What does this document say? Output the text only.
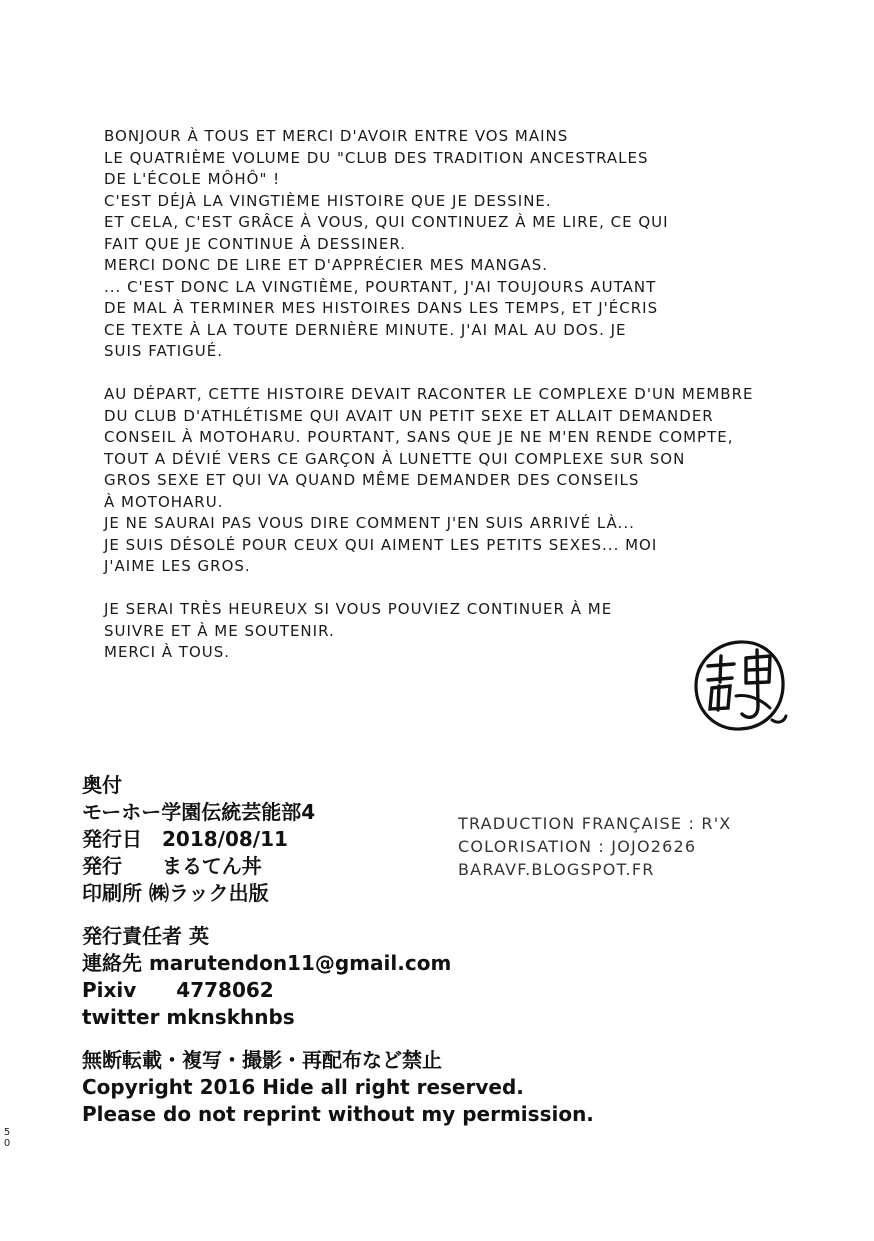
BONJOUR À TOUS ET MERCI D'AVOIR ENTRE VOS MAINS
LE QUATRIÈME VOLUME DU "CLUB DES TRADITION ANCESTRALES
DE L'ÉCOLE MÔHÔ" !
C'EST DÉJÀ LA VINGTIÈME HISTOIRE QUE JE DESSINE.
ET CELA, C'EST GRÂCE À VOUS, QUI CONTINUEZ À ME LIRE, CE QUI
FAIT QUE JE CONTINUE À DESSINER.
MERCI DONC DE LIRE ET D'APPRÉCIER MES MANGAS.
... C'EST DONC LA VINGTIÈME, POURTANT, J'AI TOUJOURS AUTANT
DE MAL À TERMINER MES HISTOIRES DANS LES TEMPS, ET J'ÉCRIS
CE TEXTE À LA TOUTE DERNIÈRE MINUTE. J'AI MAL AU DOS. JE
SUIS FATIGUÉ.
AU DÉPART, CETTE HISTOIRE DEVAIT RACONTER LE COMPLEXE D'UN MEMBRE
DU CLUB D'ATHLÉTISME QUI AVAIT UN PETIT SEXE ET ALLAIT DEMANDER
CONSEIL À MOTOHARU. POURTANT, SANS QUE JE NE M'EN RENDE COMPTE,
TOUT A DÉVIÉ VERS CE GARÇON À LUNETTE QUI COMPLEXE SUR SON
GROS SEXE ET QUI VA QUAND MÊME DEMANDER DES CONSEILS
À MOTOHARU.
JE NE SAURAI PAS VOUS DIRE COMMENT J'EN SUIS ARRIVÉ LÀ...
JE SUIS DÉSOLÉ POUR CEUX QUI AIMENT LES PETITS SEXES... MOI
J'AIME LES GROS.
JE SERAI TRÈS HEUREUX SI VOUS POUVIEZ CONTINUER À ME
SUIVRE ET À ME SOUTENIR.
MERCI À TOUS.
奥付
モーホー学園伝統芸能部4
発行日　2018/08/11
発行　　まるてん丼
印刷所 ㈱ラック出版
発行責任者 英
連絡先 marutendon11@gmail.com
Pixiv　　4778062
twitter mknskhnbs
無断転載・複写・撮影・再配布など禁止
Copyright 2016 Hide all right reserved.
Please do not reprint without my permission.
TRADUCTION FRANÇAISE : R'X
COLORISATION : JOJO2626
BARAVF.BLOGSPOT.FR
50
